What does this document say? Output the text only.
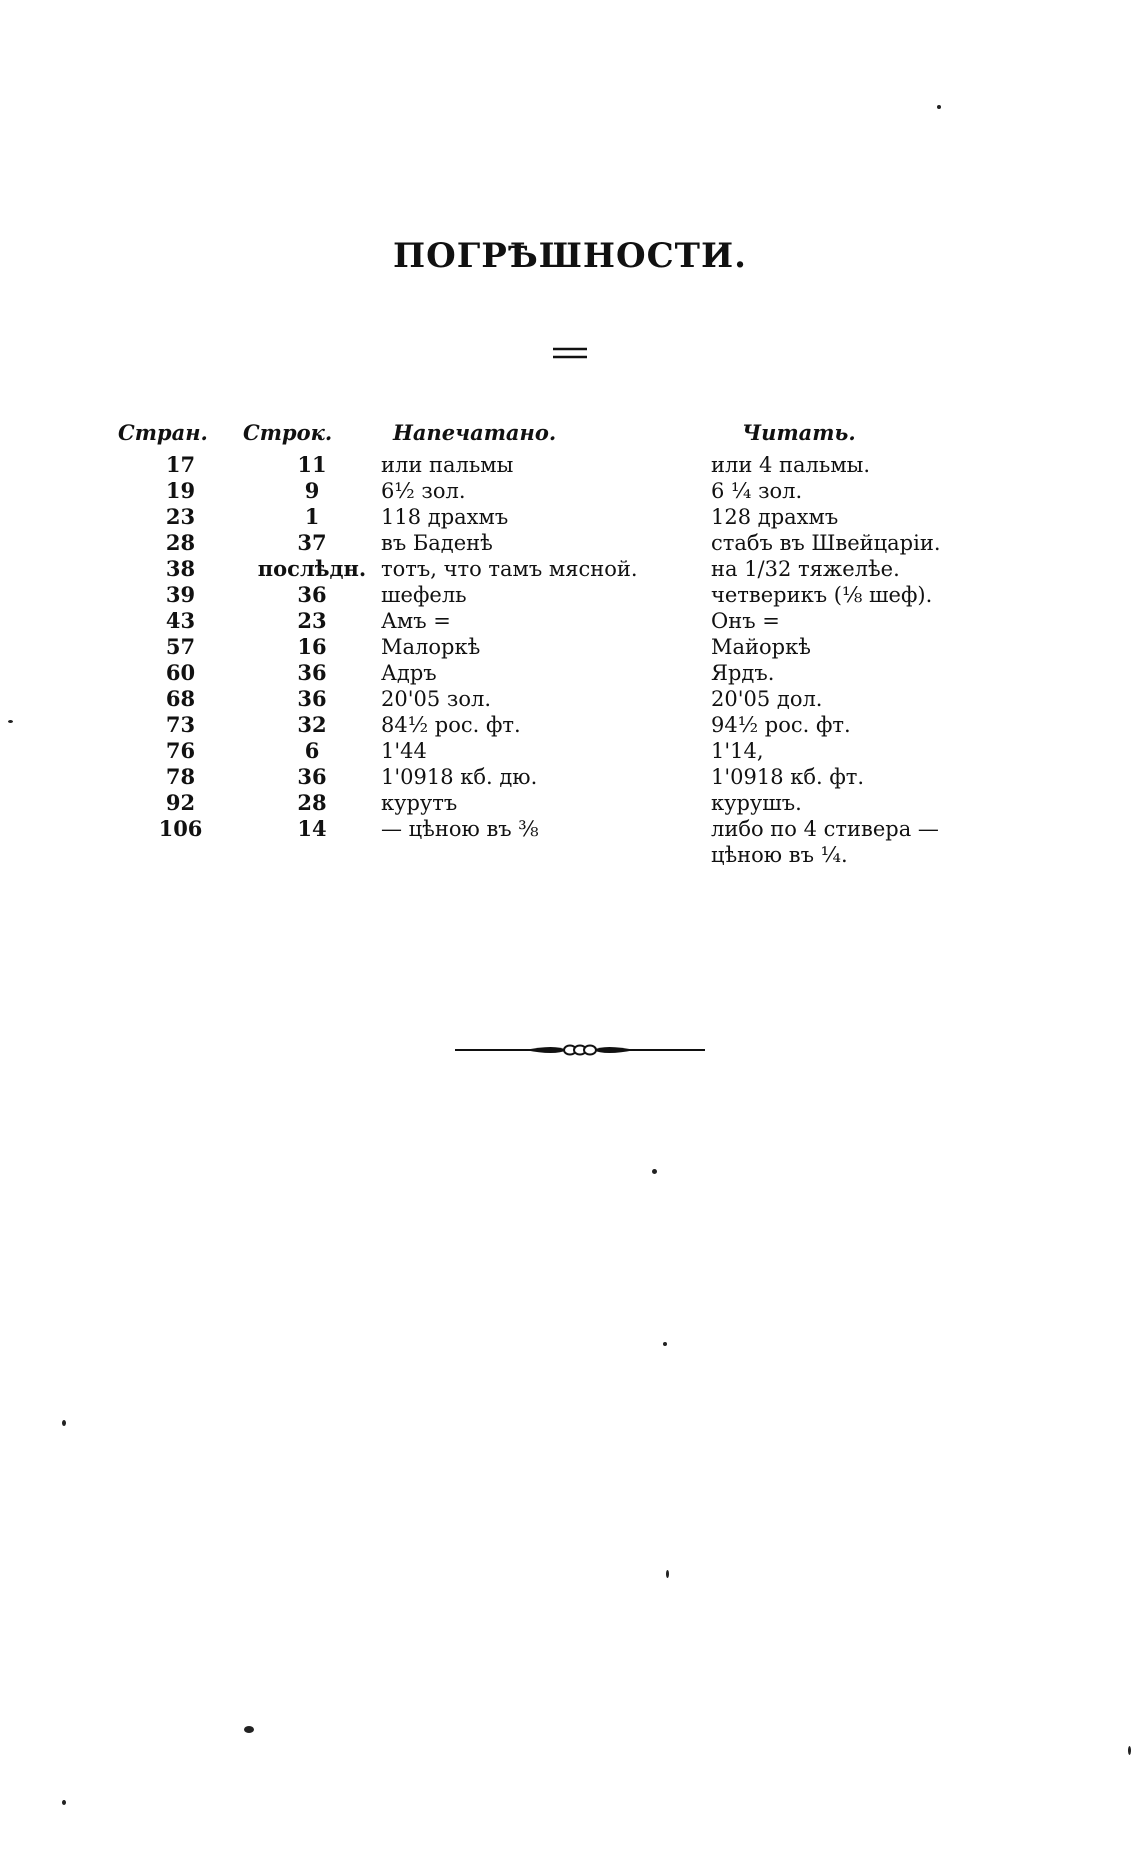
ПОГРѢШНОСТИ.
Стран.	Строк.	Напечатано.	Читать.
17	11	или пальмы	или 4 пальмы.
19	9	6½ зол.	6 ¼ зол.
23	1	118 драхмъ	128 драхмъ
28	37	въ Баденѣ	стабъ въ Швейцаріи.
38	послѣдн.	тотъ, что тамъ мясной.	на 1/32 тяжелѣе.
39	36	шефель	четверикъ (⅛ шеф).
43	23	Амъ =	Онъ =
57	16	Малоркѣ	Майоркѣ
60	36	Адръ	Ярдъ.
68	36	20'05 зол.	20'05 дол.
73	32	84½ рос. фт.	94½ рос. фт.
76	6	1'44	1'14,
78	36	1'0918 кб. дю.	1'0918 кб. фт.
92	28	курутъ	курушъ.
106	14	— цѣною въ ⅜	либо по 4 стивера —
			цѣною въ ¼.
